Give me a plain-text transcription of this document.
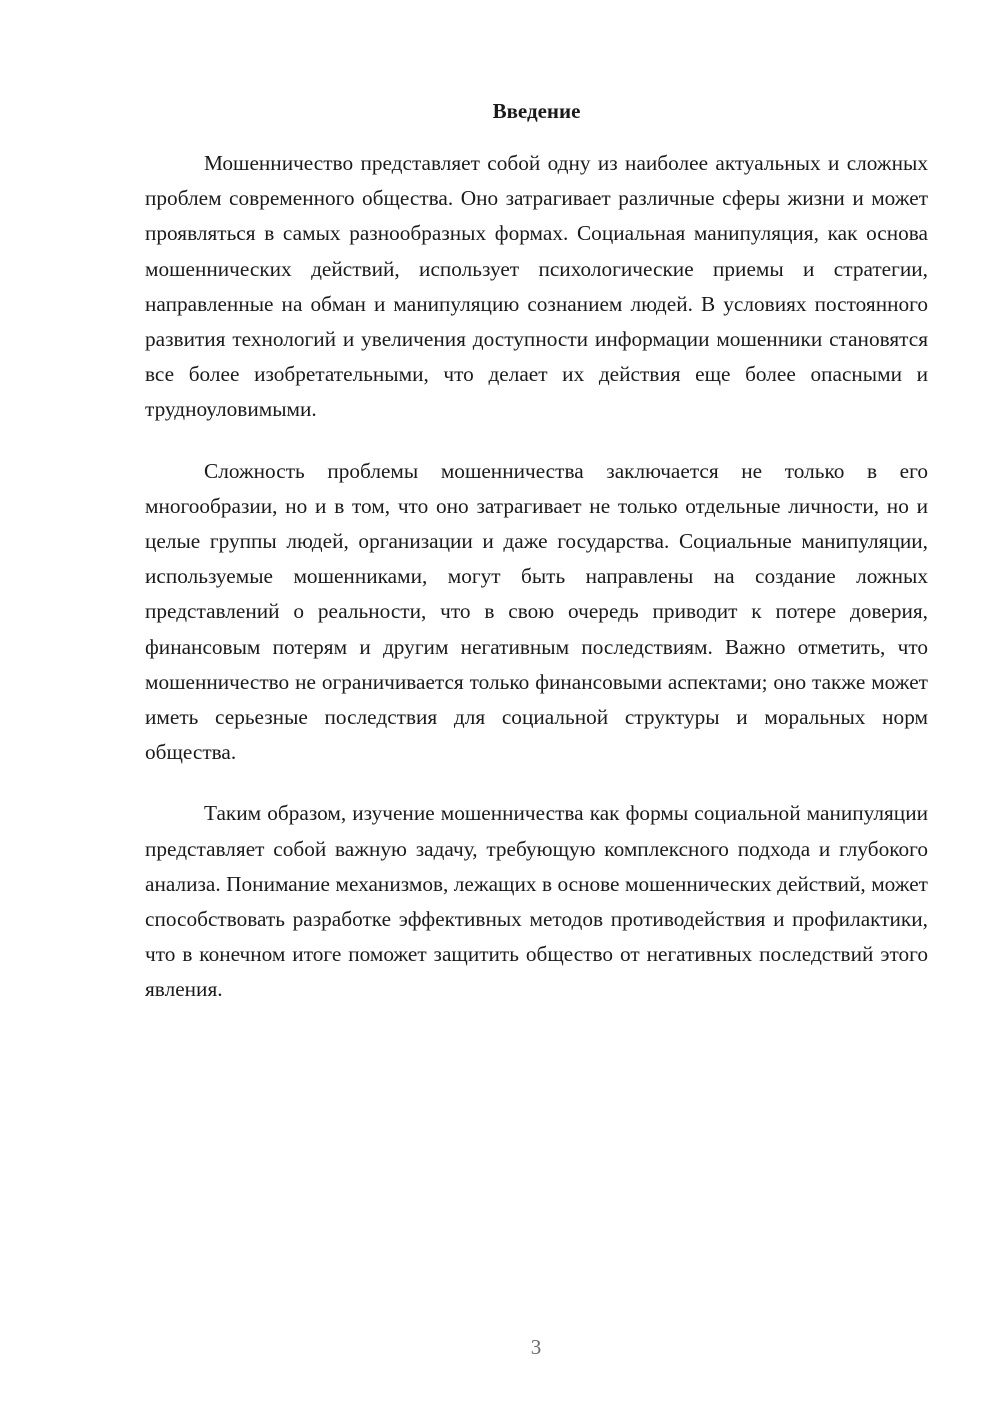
Введение

Мошенничество представляет собой одну из наиболее актуальных и сложных проблем современного общества. Оно затрагивает различные сферы жизни и может проявляться в самых разнообразных формах. Социальная манипуляция, как основа мошеннических действий, использует психологические приемы и стратегии, направленные на обман и манипуляцию сознанием людей. В условиях постоянного развития технологий и увеличения доступности информации мошенники становятся все более изобретательными, что делает их действия еще более опасными и трудноуловимыми.

Сложность проблемы мошенничества заключается не только в его многообразии, но и в том, что оно затрагивает не только отдельные личности, но и целые группы людей, организации и даже государства. Социальные манипуляции, используемые мошенниками, могут быть направлены на создание ложных представлений о реальности, что в свою очередь приводит к потере доверия, финансовым потерям и другим негативным последствиям. Важно отметить, что мошенничество не ограничивается только финансовыми аспектами; оно также может иметь серьезные последствия для социальной структуры и моральных норм общества.

Таким образом, изучение мошенничества как формы социальной манипуляции представляет собой важную задачу, требующую комплексного подхода и глубокого анализа. Понимание механизмов, лежащих в основе мошеннических действий, может способствовать разработке эффективных методов противодействия и профилактики, что в конечном итоге поможет защитить общество от негативных последствий этого явления.

3
